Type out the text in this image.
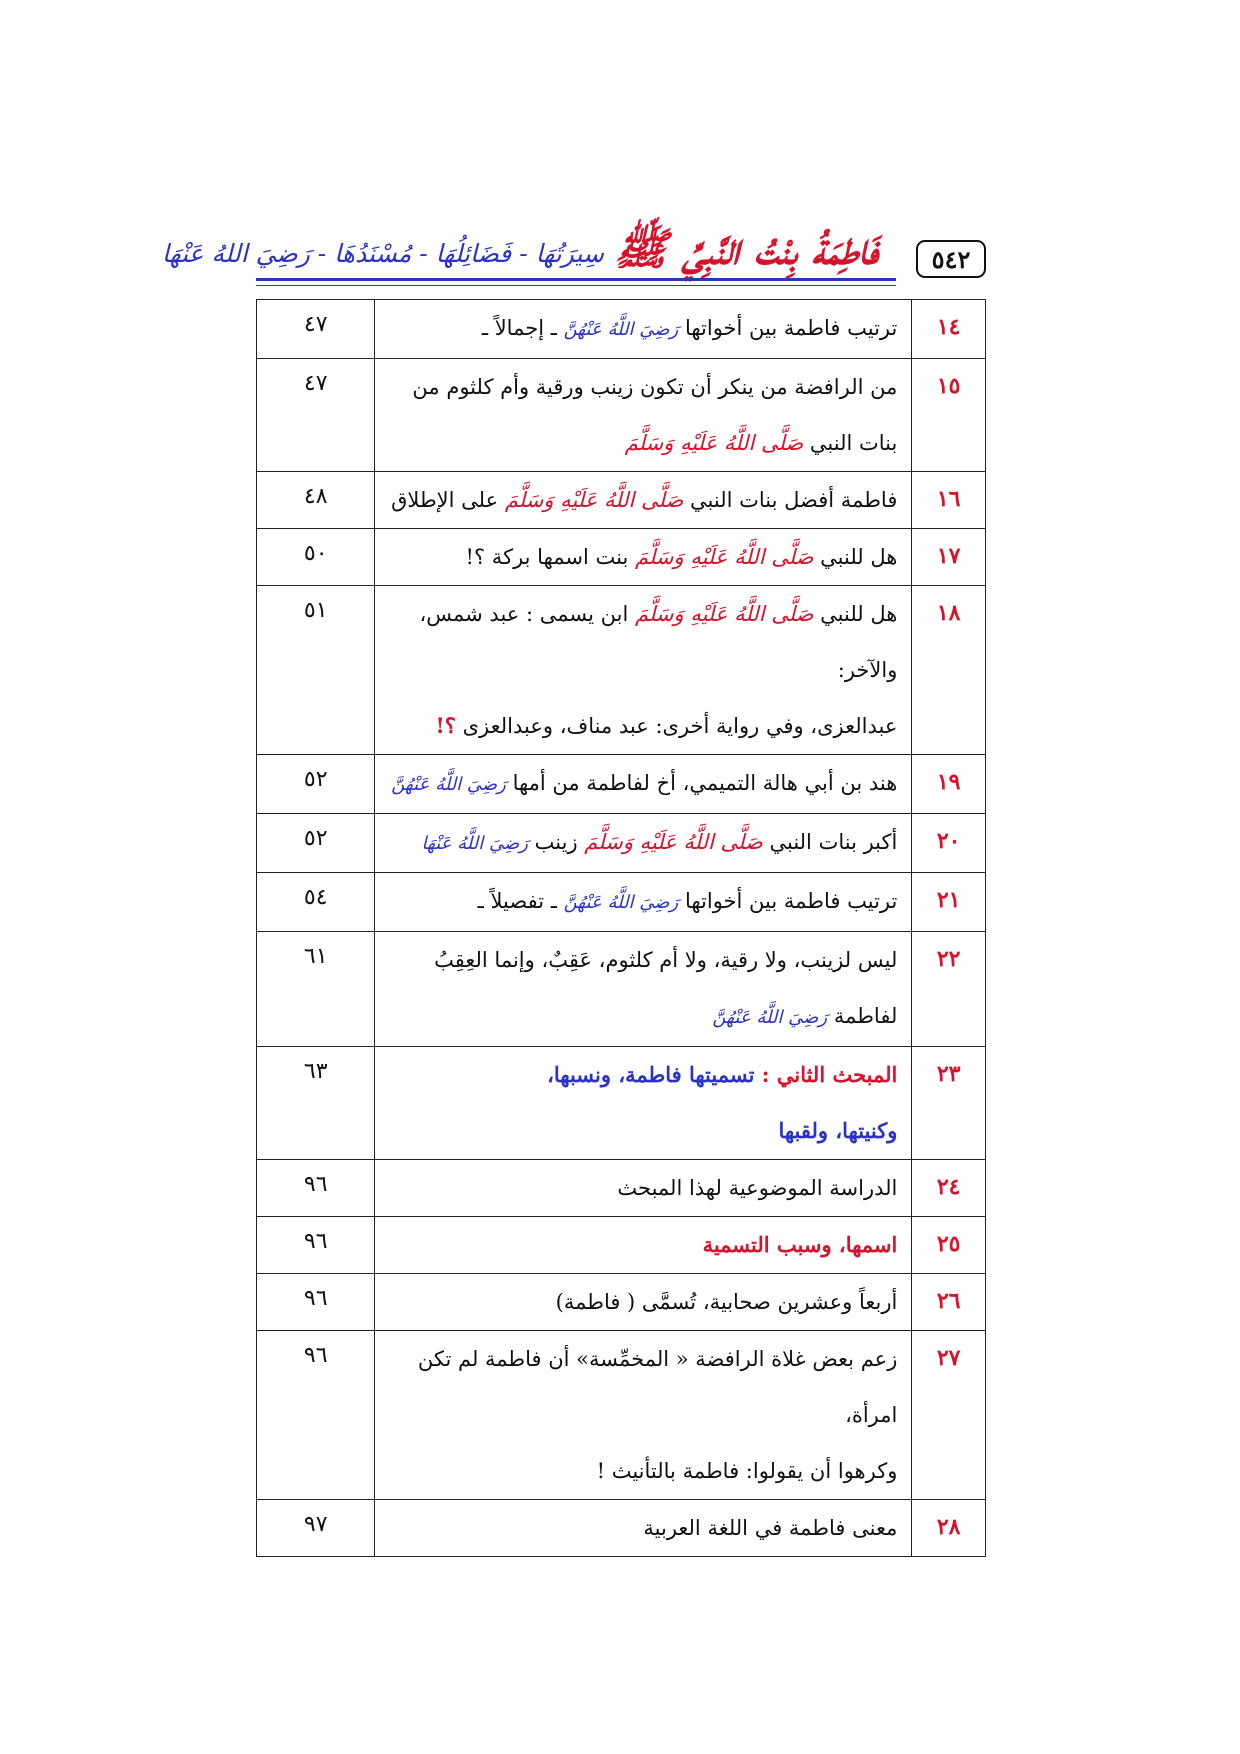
٥٤٢
فَاطِمَةُ بِنْتُ النَّبِيِّ ﷺ
سِيرَتُهَا - فَضَائِلُهَا - مُسْنَدُهَا - رَضِيَ اللهُ عَنْهَا
١٤	ترتيب فاطمة بين أخواتها رَضِيَ اللَّهُ عَنْهُنَّ ـ إجمالاً ـ	٤٧
١٥	من الرافضة من ينكر أن تكون زينب ورقية وأم كلثوم من
بنات النبي صَلَّى اللَّهُ عَلَيْهِ وَسَلَّمَ	٤٧
١٦	فاطمة أفضل بنات النبي صَلَّى اللَّهُ عَلَيْهِ وَسَلَّمَ على الإطلاق	٤٨
١٧	هل للنبي صَلَّى اللَّهُ عَلَيْهِ وَسَلَّمَ بنت اسمها بركة ؟!	٥٠
١٨	هل للنبي صَلَّى اللَّهُ عَلَيْهِ وَسَلَّمَ ابن يسمى : عبد شمس، والآخر:
عبدالعزى، وفي رواية أخرى: عبد مناف، وعبدالعزى ؟!	٥١
١٩	هند بن أبي هالة التميمي، أخ لفاطمة من أمها رَضِيَ اللَّهُ عَنْهُنَّ	٥٢
٢٠	أكبر بنات النبي صَلَّى اللَّهُ عَلَيْهِ وَسَلَّمَ زينب رَضِيَ اللَّهُ عَنْهَا	٥٢
٢١	ترتيب فاطمة بين أخواتها رَضِيَ اللَّهُ عَنْهُنَّ ـ تفصيلاً ـ	٥٤
٢٢	ليس لزينب، ولا رقية، ولا أم كلثوم، عَقِبٌ، وإنما العِقِبُ
لفاطمة رَضِيَ اللَّهُ عَنْهُنَّ	٦١
٢٣	المبحث الثاني : تسميتها فاطمة، ونسبها،
وكنيتها، ولقبها	٦٣
٢٤	الدراسة الموضوعية لهذا المبحث	٩٦
٢٥	اسمها، وسبب التسمية	٩٦
٢٦	أربعاً وعشرين صحابية، تُسمَّى ( فاطمة)	٩٦
٢٧	زعم بعض غلاة الرافضة « المخمِّسة» أن فاطمة لم تكن امرأة،
وكرهوا أن يقولوا: فاطمة بالتأنيث !	٩٦
٢٨	معنى فاطمة في اللغة العربية	٩٧
